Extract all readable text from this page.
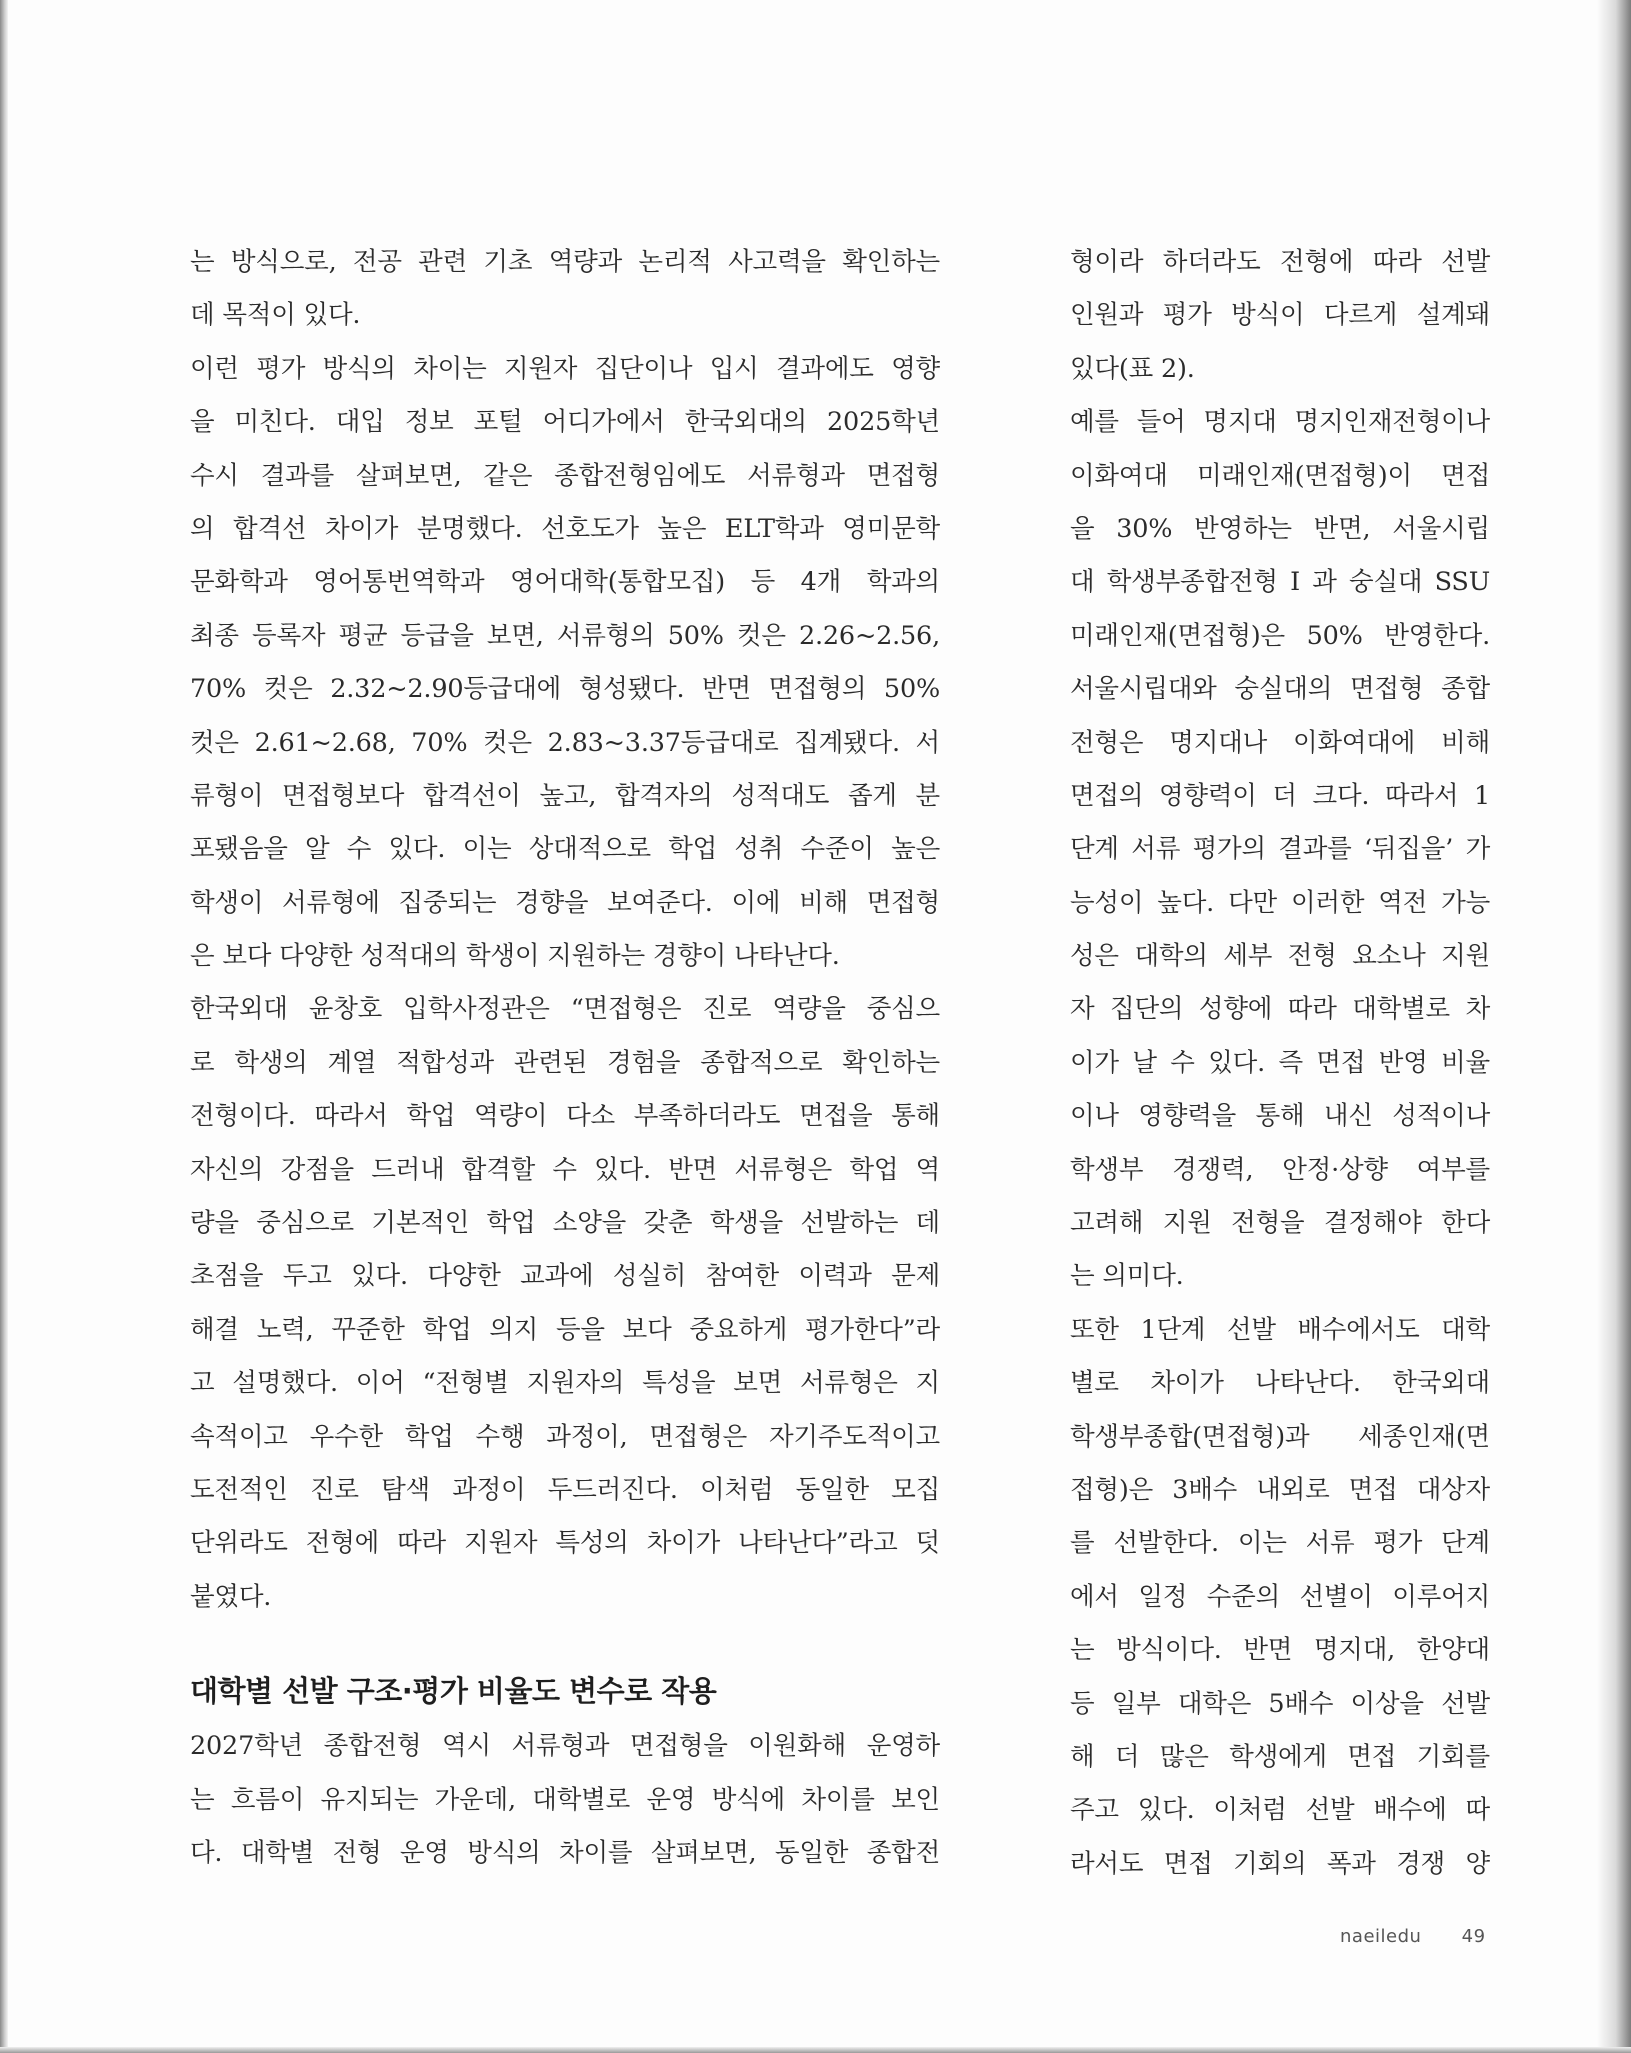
는 방식으로, 전공 관련 기초 역량과 논리적 사고력을 확인하는
데 목적이 있다.
이런 평가 방식의 차이는 지원자 집단이나 입시 결과에도 영향
을 미친다. 대입 정보 포털 어디가에서 한국외대의 2025학년
수시 결과를 살펴보면, 같은 종합전형임에도 서류형과 면접형
의 합격선 차이가 분명했다. 선호도가 높은 ELT학과 영미문학
문화학과 영어통번역학과 영어대학(통합모집) 등 4개 학과의
최종 등록자 평균 등급을 보면, 서류형의 50% 컷은 2.26~2.56,
70% 컷은 2.32~2.90등급대에 형성됐다. 반면 면접형의 50%
컷은 2.61~2.68, 70% 컷은 2.83~3.37등급대로 집계됐다. 서
류형이 면접형보다 합격선이 높고, 합격자의 성적대도 좁게 분
포됐음을 알 수 있다. 이는 상대적으로 학업 성취 수준이 높은
학생이 서류형에 집중되는 경향을 보여준다. 이에 비해 면접형
은 보다 다양한 성적대의 학생이 지원하는 경향이 나타난다.
한국외대 윤창호 입학사정관은 “면접형은 진로 역량을 중심으
로 학생의 계열 적합성과 관련된 경험을 종합적으로 확인하는
전형이다. 따라서 학업 역량이 다소 부족하더라도 면접을 통해
자신의 강점을 드러내 합격할 수 있다. 반면 서류형은 학업 역
량을 중심으로 기본적인 학업 소양을 갖춘 학생을 선발하는 데
초점을 두고 있다. 다양한 교과에 성실히 참여한 이력과 문제
해결 노력, 꾸준한 학업 의지 등을 보다 중요하게 평가한다”라
고 설명했다. 이어 “전형별 지원자의 특성을 보면 서류형은 지
속적이고 우수한 학업 수행 과정이, 면접형은 자기주도적이고
도전적인 진로 탐색 과정이 두드러진다. 이처럼 동일한 모집
단위라도 전형에 따라 지원자 특성의 차이가 나타난다”라고 덧
붙였다.
대학별 선발 구조·평가 비율도 변수로 작용
2027학년 종합전형 역시 서류형과 면접형을 이원화해 운영하
는 흐름이 유지되는 가운데, 대학별로 운영 방식에 차이를 보인
다. 대학별 전형 운영 방식의 차이를 살펴보면, 동일한 종합전
형이라 하더라도 전형에 따라 선발
인원과 평가 방식이 다르게 설계돼
있다(표 2).
예를 들어 명지대 명지인재전형이나
이화여대 미래인재(면접형)이 면접
을 30% 반영하는 반면, 서울시립
대 학생부종합전형 I 과 숭실대 SSU
미래인재(면접형)은 50% 반영한다.
서울시립대와 숭실대의 면접형 종합
전형은 명지대나 이화여대에 비해
면접의 영향력이 더 크다. 따라서 1
단계 서류 평가의 결과를 ‘뒤집을’ 가
능성이 높다. 다만 이러한 역전 가능
성은 대학의 세부 전형 요소나 지원
자 집단의 성향에 따라 대학별로 차
이가 날 수 있다. 즉 면접 반영 비율
이나 영향력을 통해 내신 성적이나
학생부 경쟁력, 안정·상향 여부를
고려해 지원 전형을 결정해야 한다
는 의미다.
또한 1단계 선발 배수에서도 대학
별로 차이가 나타난다. 한국외대
학생부종합(면접형)과 세종인재(면
접형)은 3배수 내외로 면접 대상자
를 선발한다. 이는 서류 평가 단계
에서 일정 수준의 선별이 이루어지
는 방식이다. 반면 명지대, 한양대
등 일부 대학은 5배수 이상을 선발
해 더 많은 학생에게 면접 기회를
주고 있다. 이처럼 선발 배수에 따
라서도 면접 기회의 폭과 경쟁 양
naeiledu 49
